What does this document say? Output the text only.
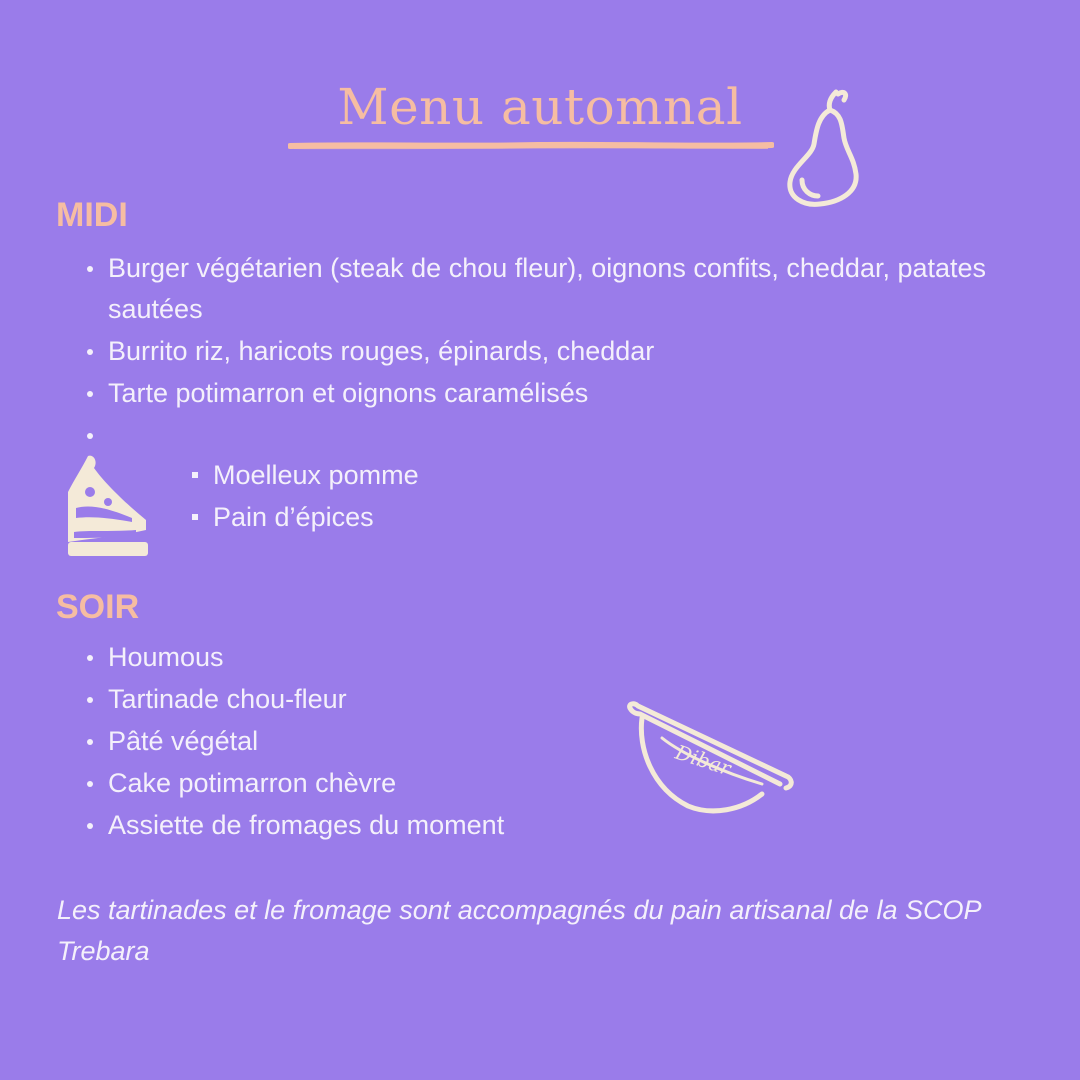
Menu automnal
MIDI
Burger végétarien (steak de chou fleur), oignons confits, cheddar, patates sautées
Burrito riz, haricots rouges, épinards, cheddar
Tarte potimarron et oignons caramélisés
Moelleux pomme
Pain d’épices
SOIR
Houmous
Tartinade chou-fleur
Pâté végétal
Cake potimarron chèvre
Assiette de fromages du moment
Dibar
Les tartinades et le fromage sont accompagnés du pain artisanal de la SCOP Trebara
